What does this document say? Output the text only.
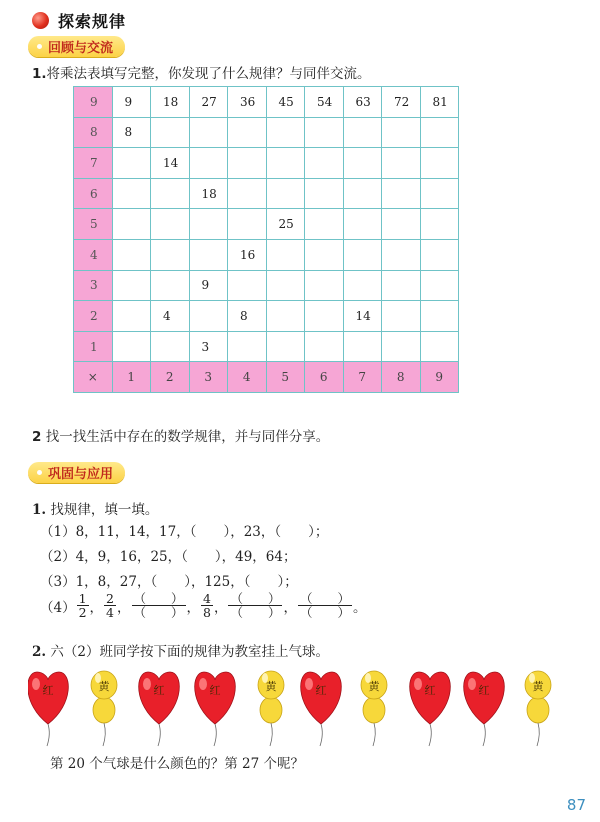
探索规律
回顾与交流
1.将乘法表填写完整，你发现了什么规律？与同伴交流。
9	9	18	27	36	45	54	63	72	81
8	8								
7		14							
6			18						
5					25				
4				16					
3			9						
2		4		8			14		
1			3						
×	1	2	3	4	5	6	7	8	9
2 找一找生活中存在的数学规律，并与同伴分享。
巩固与应用
1. 找规律，填一填。
（1）8，11，14，17，（　　），23，（　　）；
（2）4，9，16，25，（　　），49，64；
（3）1，8，27，（　　），125，（　　）；
$(4) \frac{1}{2}$ ， $\frac{2}{4}$ ， $\frac{( )}{( )}$ ， $\frac{4}{8}$ ， $\frac{( )}{( )}$ ， $\frac{( )}{( )}$ 。
2. 六（2）班同学按下面的规律为教室挂上气球。
红	黄	红	红	黄	红	黄	红	红	黄
第 20 个气球是什么颜色的？第 27 个呢？
87
